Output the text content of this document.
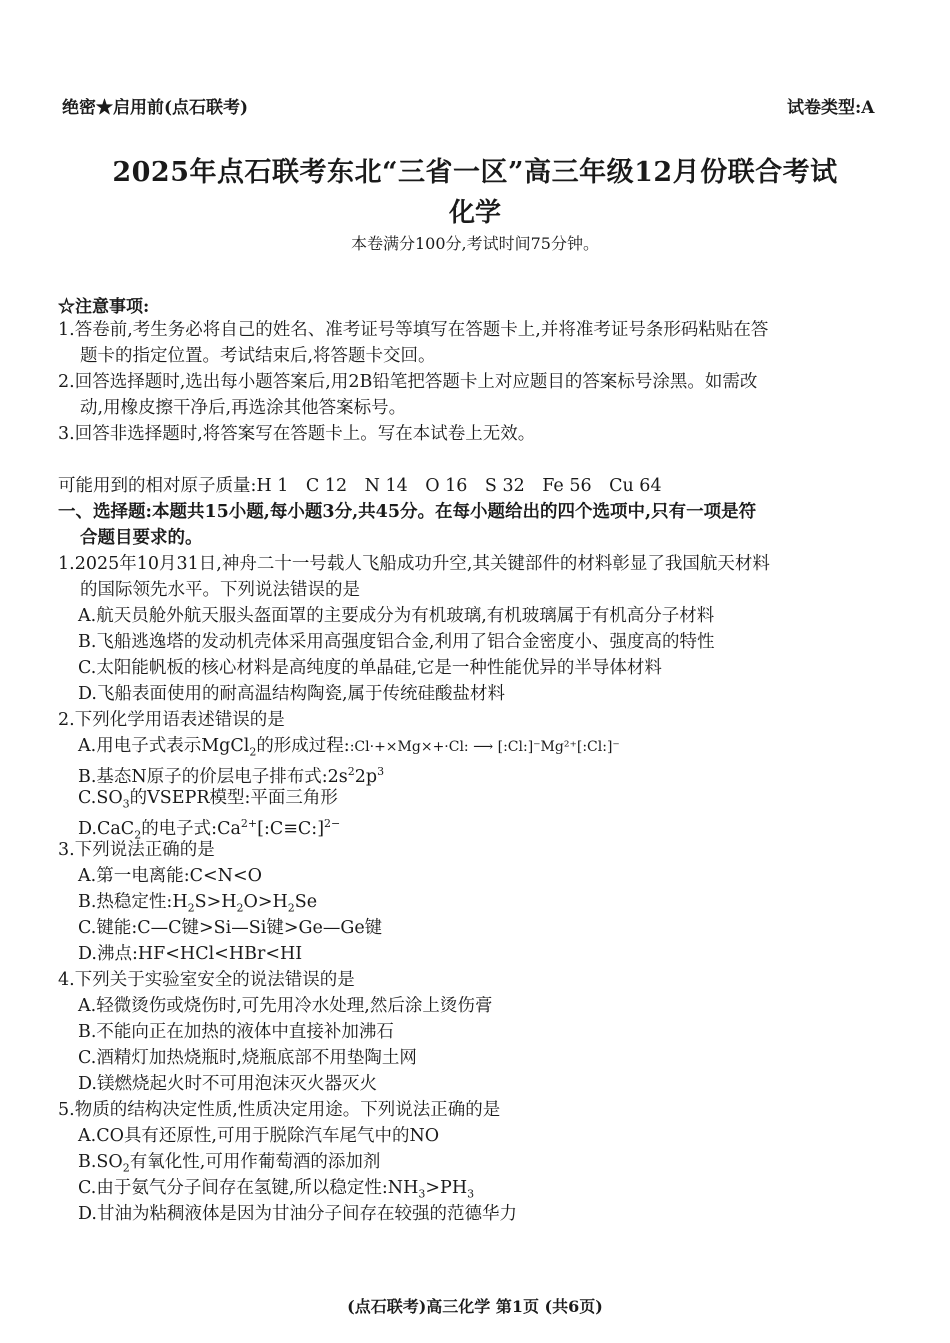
绝密★启用前(点石联考)	试卷类型:A
2025年点石联考东北“三省一区”高三年级12月份联合考试
化学
本卷满分100分,考试时间75分钟。
☆注意事项:
1.答卷前,考生务必将自己的姓名、准考证号等填写在答题卡上,并将准考证号条形码粘贴在答
题卡的指定位置。考试结束后,将答题卡交回。
2.回答选择题时,选出每小题答案后,用2B铅笔把答题卡上对应题目的答案标号涂黑。如需改
动,用橡皮擦干净后,再选涂其他答案标号。
3.回答非选择题时,将答案写在答题卡上。写在本试卷上无效。
可能用到的相对原子质量:H 1　C 12　N 14　O 16　S 32　Fe 56　Cu 64
一、选择题:本题共15小题,每小题3分,共45分。在每小题给出的四个选项中,只有一项是符
合题目要求的。
1.2025年10月31日,神舟二十一号载人飞船成功升空,其关键部件的材料彰显了我国航天材料
的国际领先水平。下列说法错误的是
A.航天员舱外航天服头盔面罩的主要成分为有机玻璃,有机玻璃属于有机高分子材料
B.飞船逃逸塔的发动机壳体采用高强度铝合金,利用了铝合金密度小、强度高的特性
C.太阳能帆板的核心材料是高纯度的单晶硅,它是一种性能优异的半导体材料
D.飞船表面使用的耐高温结构陶瓷,属于传统硅酸盐材料
2.下列化学用语表述错误的是
A.用电子式表示MgCl$_2$的形成过程::Cl·+×Mg×+·Cl: ⟶ [:Cl:]⁻Mg²⁺[:Cl:]⁻
B.基态N原子的价层电子排布式$:2s^22p^3$
$C.SO_3$的VSEPR模型:平面三角形
D.CaC$_2$的电子式$:Ca^{2+}[:C\equiv C:]^{2-}$
3.下列说法正确的是
A.第一电离能:C<N<O
B.热稳定性$:H_2S>H_2O>H_2Se$
C.键能:C—C键>Si—Si键>Ge—Ge键
D.沸点:HF<HCl<HBr<HI
4.下列关于实验室安全的说法错误的是
A.轻微烫伤或烧伤时,可先用冷水处理,然后涂上烫伤膏
B.不能向正在加热的液体中直接补加沸石
C.酒精灯加热烧瓶时,烧瓶底部不用垫陶土网
D.镁燃烧起火时不可用泡沫灭火器灭火
5.物质的结构决定性质,性质决定用途。下列说法正确的是
A.CO具有还原性,可用于脱除汽车尾气中的NO
$B.SO_2$有氧化性,可用作葡萄酒的添加剂
C.由于氨气分子间存在氢键,所以稳定性$:NH_3>PH_3$
D.甘油为粘稠液体是因为甘油分子间存在较强的范德华力
(点石联考)高三化学 第1页 (共6页)
